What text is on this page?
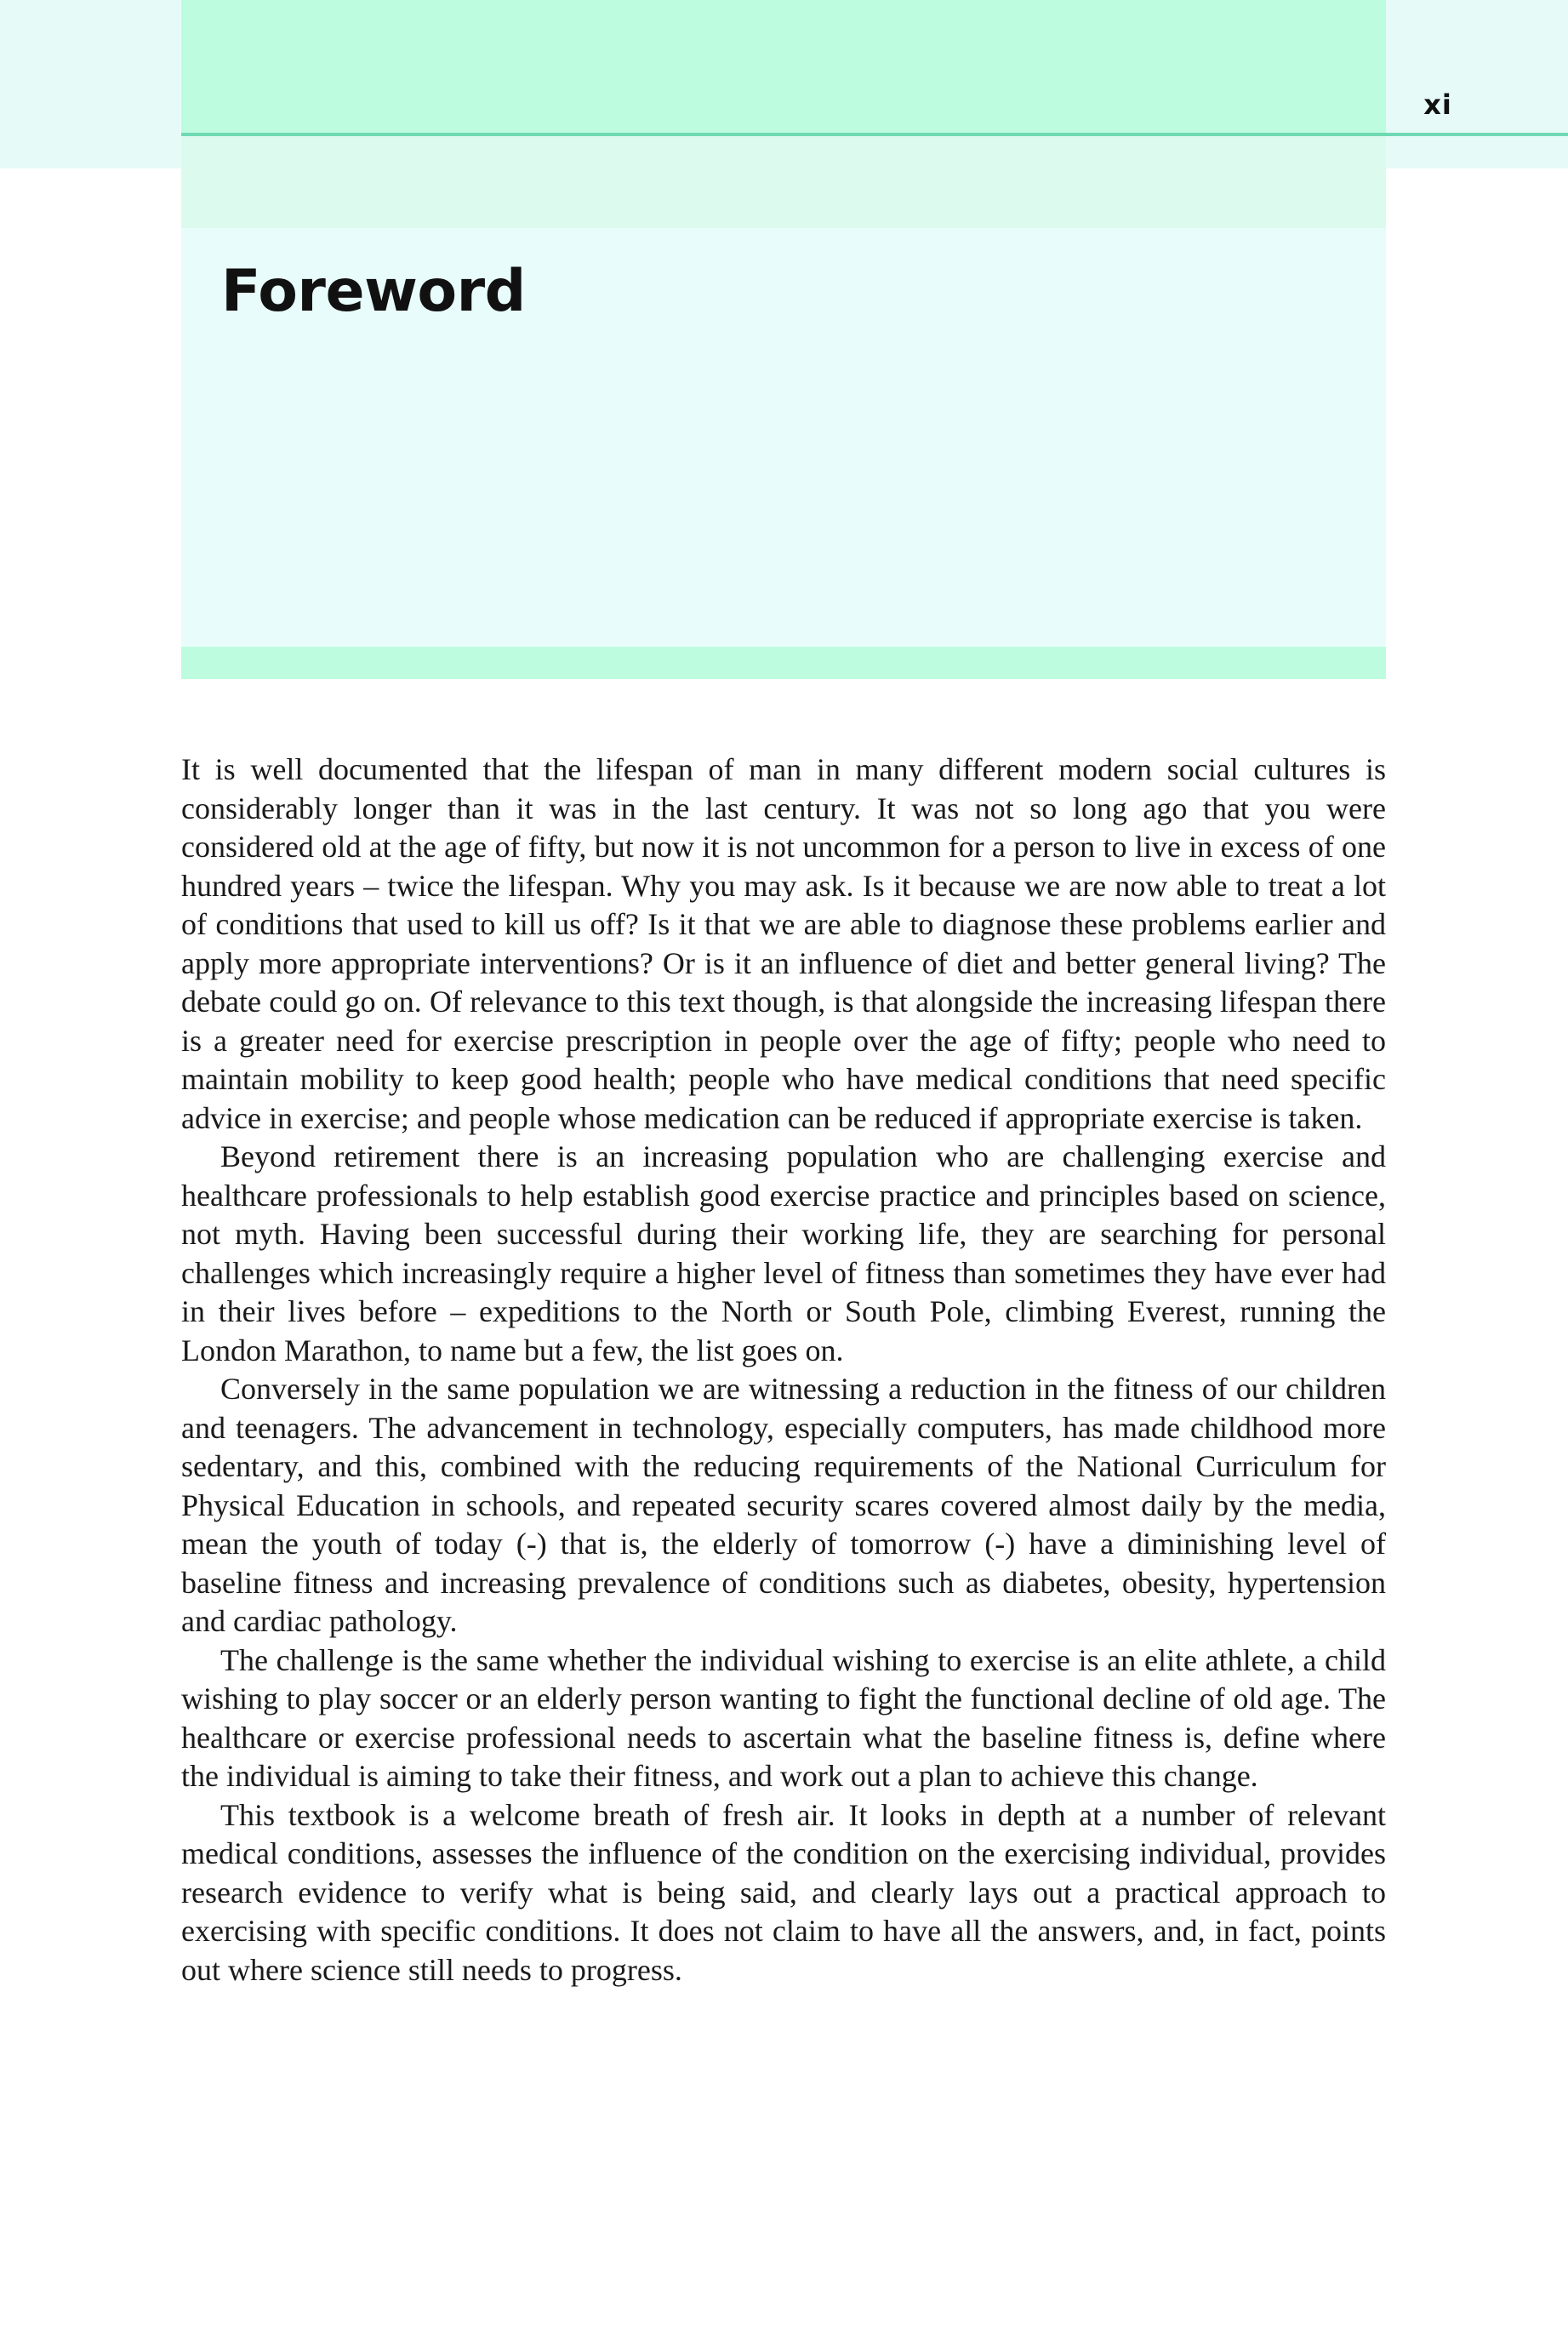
xi
Foreword

It is well documented that the lifespan of man in many different modern social cultures is considerably longer than it was in the last century. It was not so long ago that you were considered old at the age of fifty, but now it is not uncommon for a person to live in excess of one hundred years – twice the lifespan. Why you may ask. Is it because we are now able to treat a lot of conditions that used to kill us off? Is it that we are able to diagnose these problems earlier and apply more appropriate interventions? Or is it an influence of diet and better general living? The debate could go on. Of relevance to this text though, is that alongside the increasing lifespan there is a greater need for exercise prescription in people over the age of fifty; people who need to maintain mobility to keep good health; people who have medical conditions that need specific advice in exercise; and people whose medication can be reduced if appropriate exercise is taken.

Beyond retirement there is an increasing population who are challenging exercise and healthcare professionals to help establish good exercise practice and principles based on science, not myth. Having been successful during their working life, they are searching for personal challenges which increasingly require a higher level of fitness than sometimes they have ever had in their lives before – expeditions to the North or South Pole, climbing Everest, running the London Marathon, to name but a few, the list goes on.

Conversely in the same population we are witnessing a reduction in the fitness of our children and teenagers. The advancement in technology, especially computers, has made childhood more sedentary, and this, combined with the reducing requirements of the National Curriculum for Physical Education in schools, and repeated security scares covered almost daily by the media, mean the youth of today (-) that is, the elderly of tomorrow (-) have a diminishing level of baseline fitness and increasing prevalence of conditions such as diabetes, obesity, hypertension and cardiac pathology.

The challenge is the same whether the individual wishing to exercise is an elite athlete, a child wishing to play soccer or an elderly person wanting to fight the functional decline of old age. The healthcare or exercise professional needs to ascertain what the baseline fitness is, define where the individual is aiming to take their fitness, and work out a plan to achieve this change.

This textbook is a welcome breath of fresh air. It looks in depth at a number of relevant medical conditions, assesses the influence of the condition on the exercising individual, provides research evidence to verify what is being said, and clearly lays out a practical approach to exercising with specific conditions. It does not claim to have all the answers, and, in fact, points out where science still needs to progress.
